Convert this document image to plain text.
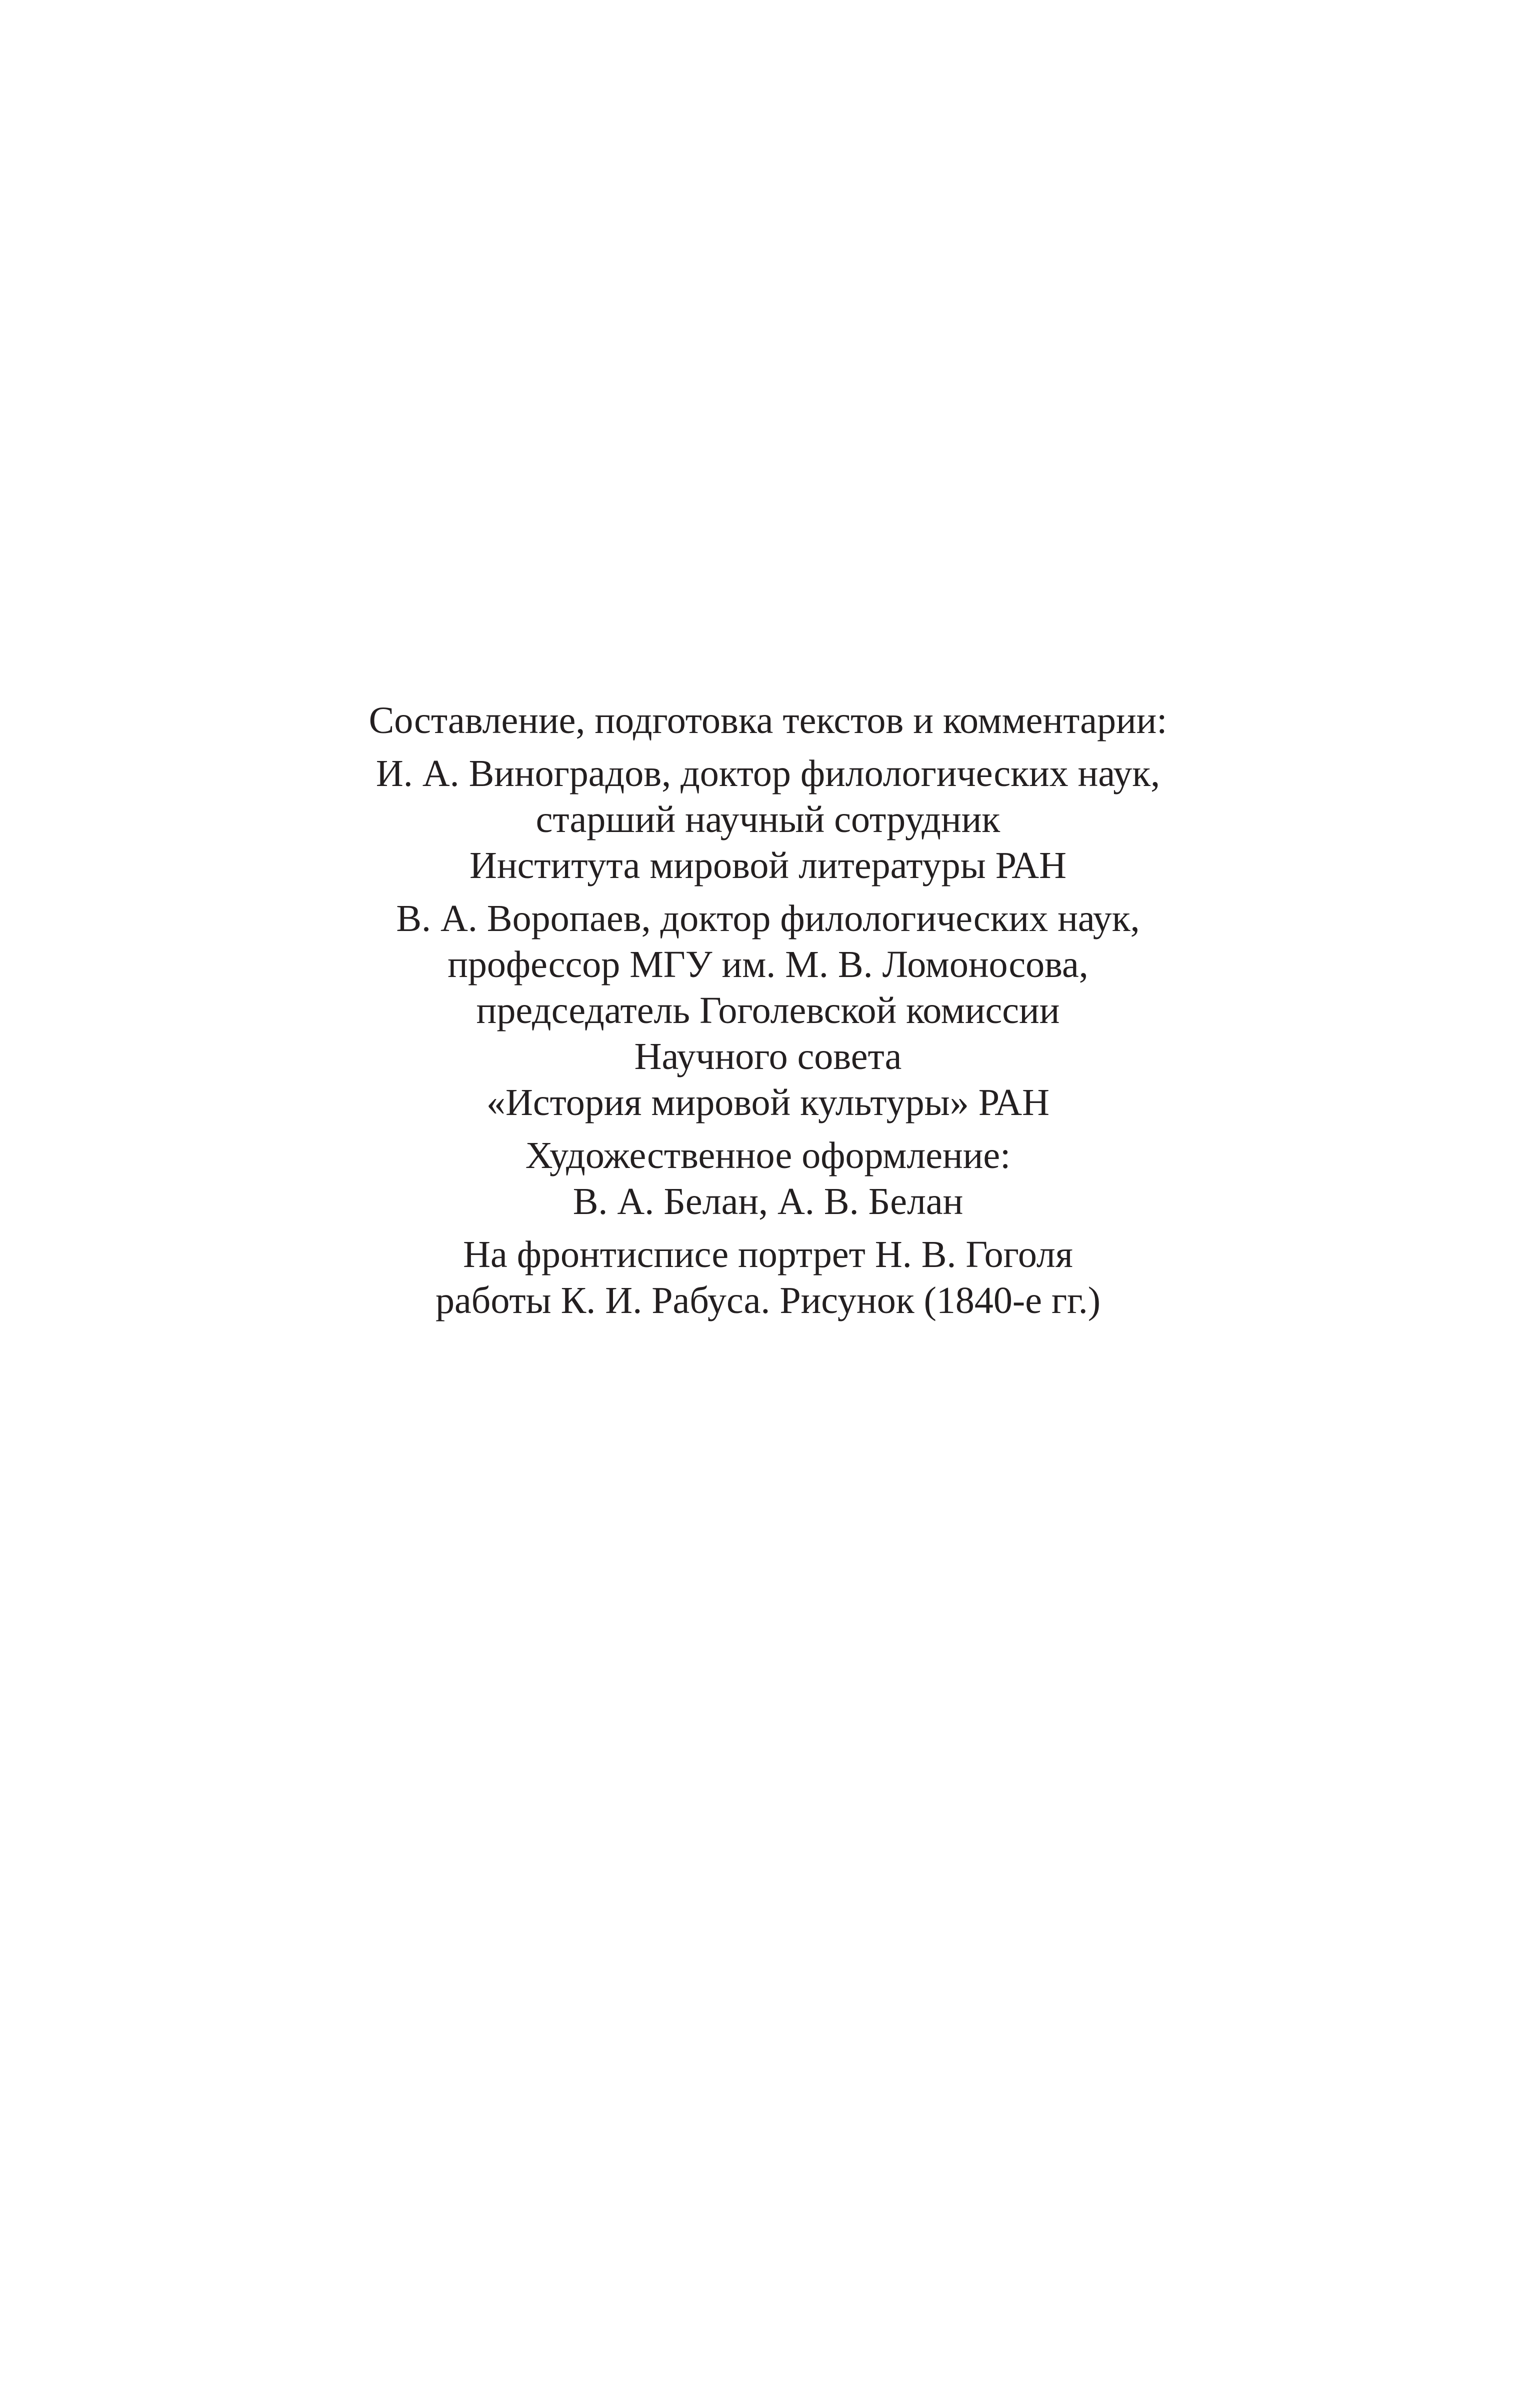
Составление, подготовка текстов и комментарии:
И. А. Виноградов, доктор филологических наук,
старший научный сотрудник
Института мировой литературы РАН
В. А. Воропаев, доктор филологических наук,
профессор МГУ им. М. В. Ломоносова,
председатель Гоголевской комиссии
Научного совета
«История мировой культуры» РАН
Художественное оформление:
В. А. Белан, А. В. Белан
На фронтисписе портрет Н. В. Гоголя
работы К. И. Рабуса. Рисунок (1840-е гг.)
